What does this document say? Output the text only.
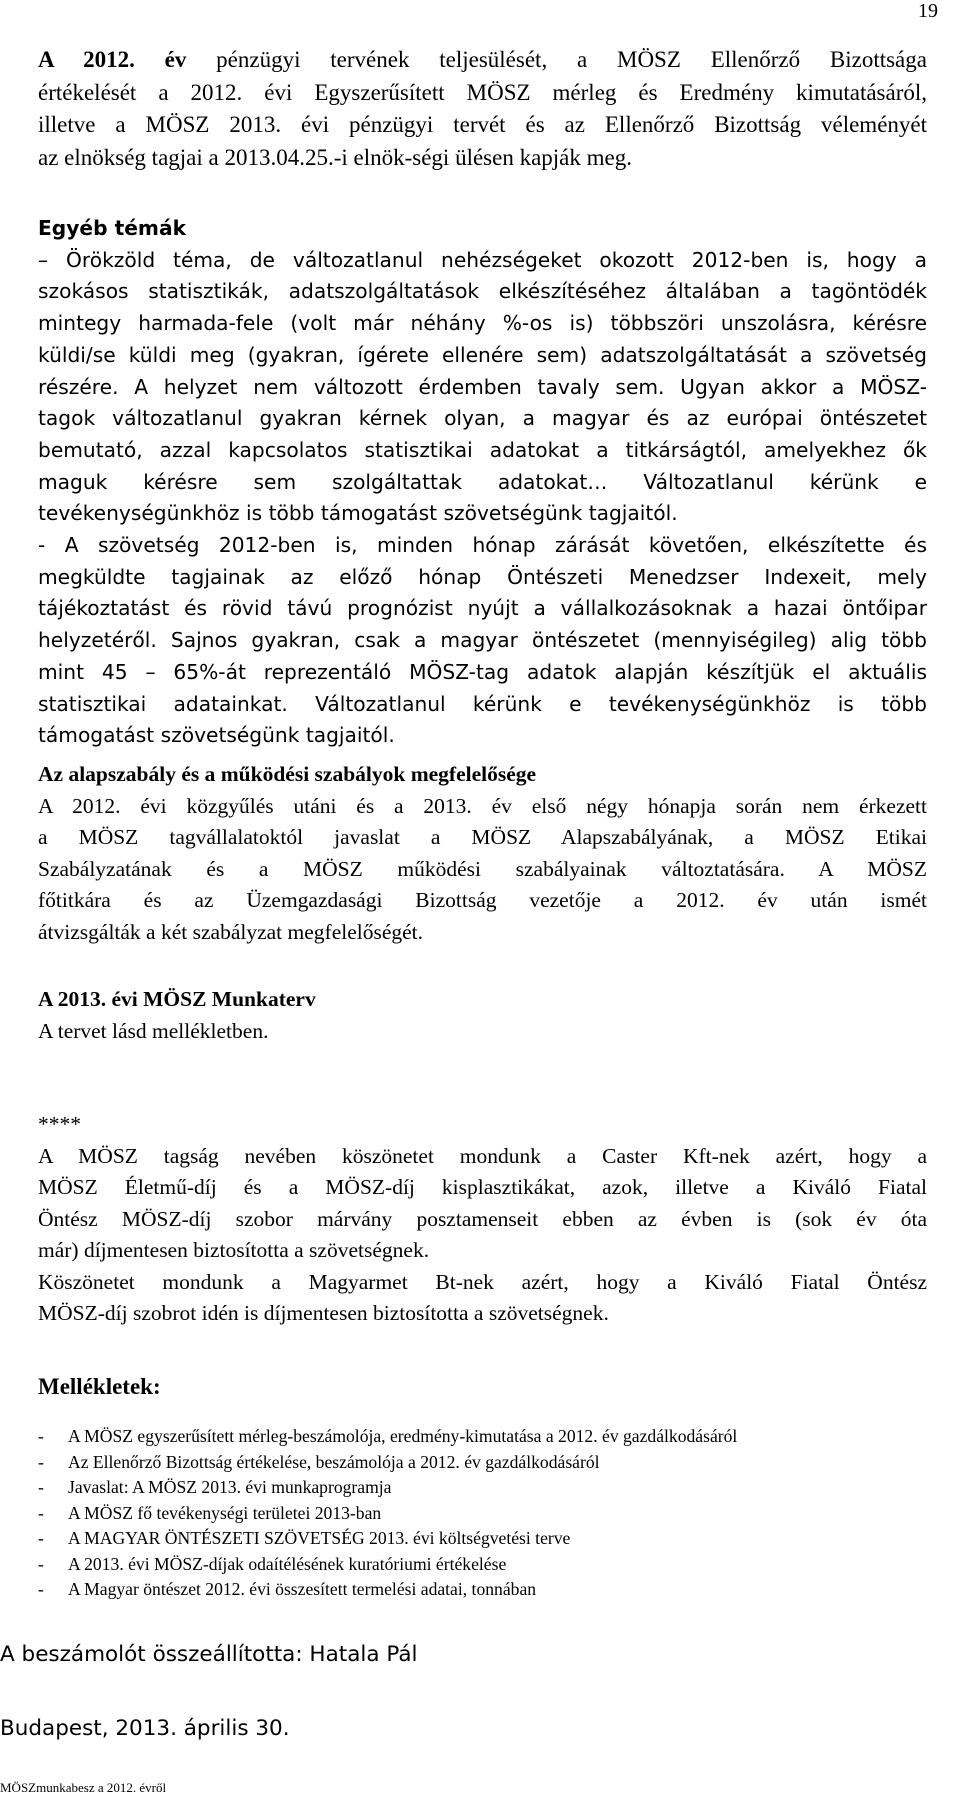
19
A 2012. év pénzügyi tervének teljesülését, a MÖSZ Ellenőrző Bizottsága
értékelését a 2012. évi Egyszerűsített MÖSZ mérleg és Eredmény kimutatásáról,
illetve a MÖSZ 2013. évi pénzügyi tervét és az Ellenőrző Bizottság véleményét
az elnökség tagjai a 2013.04.25.-i elnök-ségi ülésen kapják meg.
Egyéb témák
– Örökzöld téma, de változatlanul nehézségeket okozott 2012-ben is, hogy a
szokásos statisztikák, adatszolgáltatások elkészítéséhez általában a tagöntödék
mintegy harmada-fele (volt már néhány %-os is) többszöri unszolásra, kérésre
küldi/se küldi meg (gyakran, ígérete ellenére sem) adatszolgáltatását a szövetség
részére. A helyzet nem változott érdemben tavaly sem. Ugyan akkor a MÖSZ-
tagok változatlanul gyakran kérnek olyan, a magyar és az európai öntészetet
bemutató, azzal kapcsolatos statisztikai adatokat a titkárságtól, amelyekhez ők
maguk kérésre sem szolgáltattak adatokat… Változatlanul kérünk e
tevékenységünkhöz is több támogatást szövetségünk tagjaitól.
- A szövetség 2012-ben is, minden hónap zárását követően, elkészítette és
megküldte tagjainak az előző hónap Öntészeti Menedzser Indexeit, mely
tájékoztatást és rövid távú prognózist nyújt a vállalkozásoknak a hazai öntőipar
helyzetéről. Sajnos gyakran, csak a magyar öntészetet (mennyiségileg) alig több
mint 45 – 65%-át reprezentáló MÖSZ-tag adatok alapján készítjük el aktuális
statisztikai adatainkat. Változatlanul kérünk e tevékenységünkhöz is több
támogatást szövetségünk tagjaitól.
Az alapszabály és a működési szabályok megfelelősége
A 2012. évi közgyűlés utáni és a 2013. év első négy hónapja során nem érkezett
a MÖSZ tagvállalatoktól javaslat a MÖSZ Alapszabályának, a MÖSZ Etikai
Szabályzatának és a MÖSZ működési szabályainak változtatására. A MÖSZ
főtitkára és az Üzemgazdasági Bizottság vezetője a 2012. év után ismét
átvizsgálták a két szabályzat megfelelőségét.
A 2013. évi MÖSZ Munkaterv
A tervet lásd mellékletben.
****
A MÖSZ tagság nevében köszönetet mondunk a Caster Kft-nek azért, hogy a
MÖSZ Életmű-díj és a MÖSZ-díj kisplasztikákat, azok, illetve a Kiváló Fiatal
Öntész MÖSZ-díj szobor márvány posztamenseit ebben az évben is (sok év óta
már) díjmentesen biztosította a szövetségnek.
Köszönetet mondunk a Magyarmet Bt-nek azért, hogy a Kiváló Fiatal Öntész
MÖSZ-díj szobrot idén is díjmentesen biztosította a szövetségnek.
Mellékletek:
-	A MÖSZ egyszerűsített mérleg-beszámolója, eredmény-kimutatása a 2012. év gazdálkodásáról
-	Az Ellenőrző Bizottság értékelése, beszámolója a 2012. év gazdálkodásáról
-	Javaslat: A MÖSZ 2013. évi munkaprogramja
-	A MÖSZ fő tevékenységi területei 2013-ban
-	A MAGYAR ÖNTÉSZETI SZÖVETSÉG 2013. évi költségvetési terve
-	A 2013. évi MÖSZ-díjak odaítélésének kuratóriumi értékelése
-	A Magyar öntészet 2012. évi összesített termelési adatai, tonnában
A beszámolót összeállította: Hatala Pál
Budapest, 2013. április 30.
MÖSZmunkabesz a 2012. évről
